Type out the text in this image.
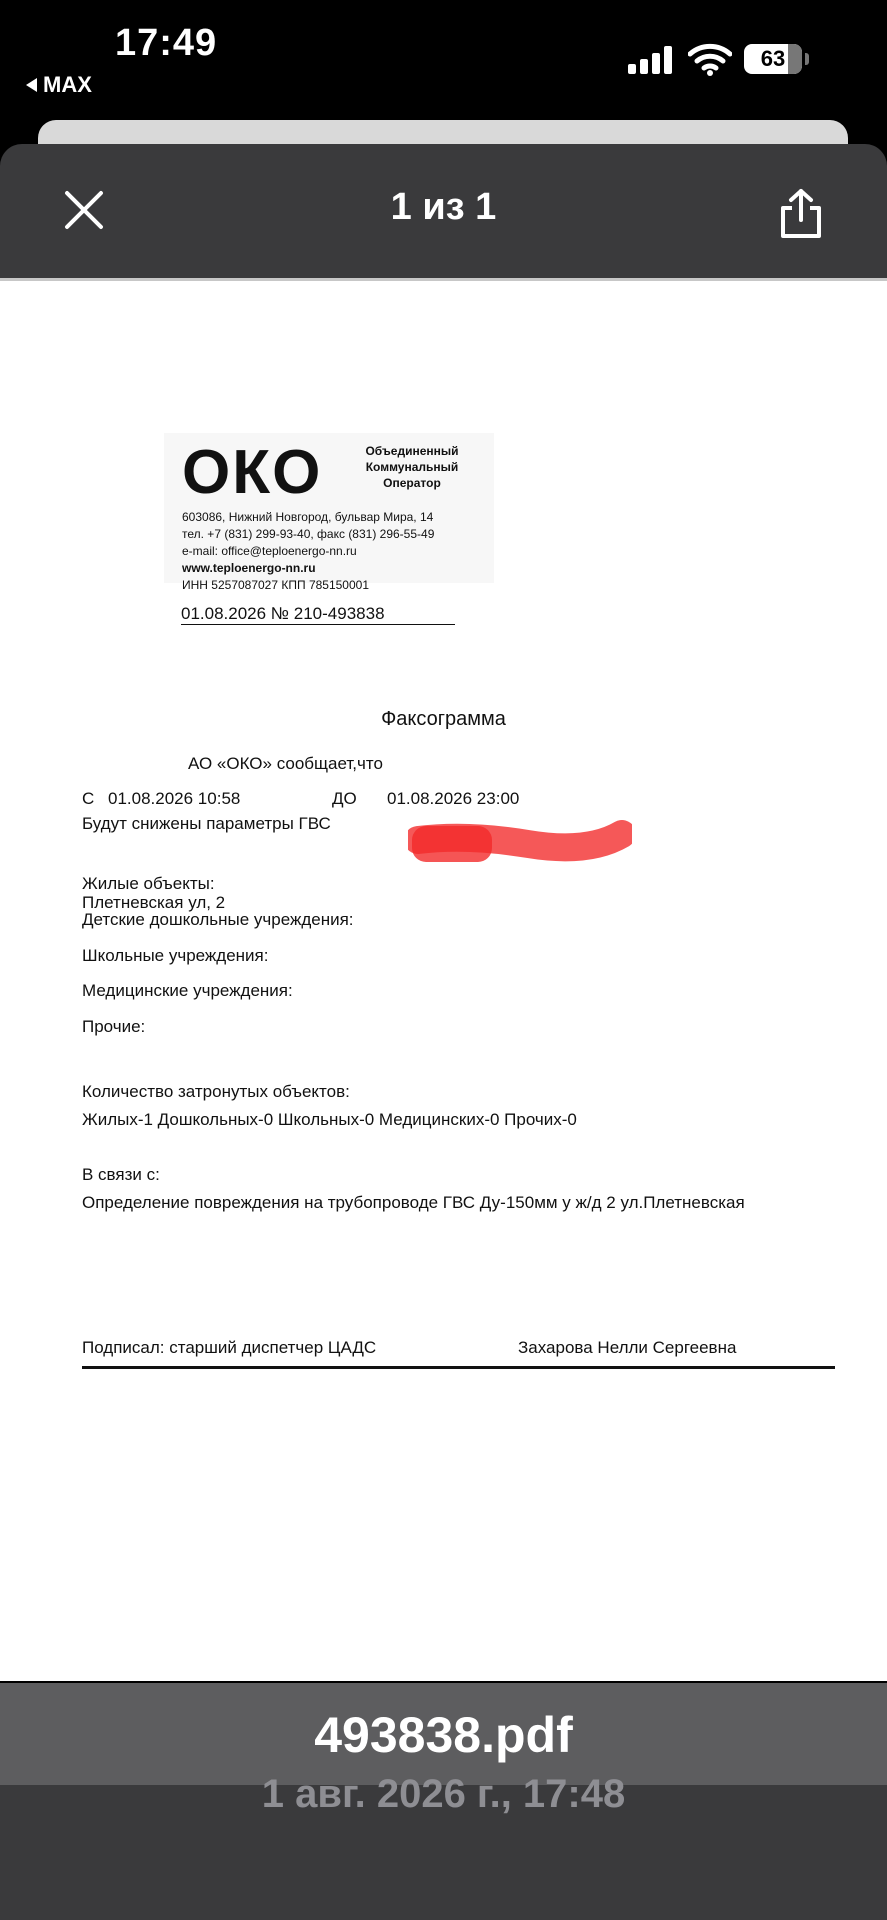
17:49
MAX
63
1 из 1
ОКО	Объединенный
Коммунальный
Оператор
603086, Нижний Новгород, бульвар Мира, 14
тел. +7 (831) 299-93-40, факс (831) 296-55-49
e-mail: office@teploenergo-nn.ru
www.teploenergo-nn.ru
ИНН 5257087027 КПП 785150001
01.08.2026 № 210-493838
Факсограмма
АО «ОКО» сообщает,что
С 01.08.2026 10:58	ДО 01.08.2026 23:00
Будут снижены параметры ГВС
Жилые объекты:
Плетневская ул, 2
Детские дошкольные учреждения:
Школьные учреждения:
Медицинские учреждения:
Прочие:
Количество затронутых объектов:
Жилых-1 Дошкольных-0 Школьных-0 Медицинских-0 Прочих-0
В связи с:
Определение повреждения на трубопроводе ГВС Ду-150мм у ж/д 2 ул.Плетневская
Подписал: старший диспетчер ЦАДС	Захарова Нелли Сергеевна
493838.pdf
1 авг. 2026 г., 17:48
